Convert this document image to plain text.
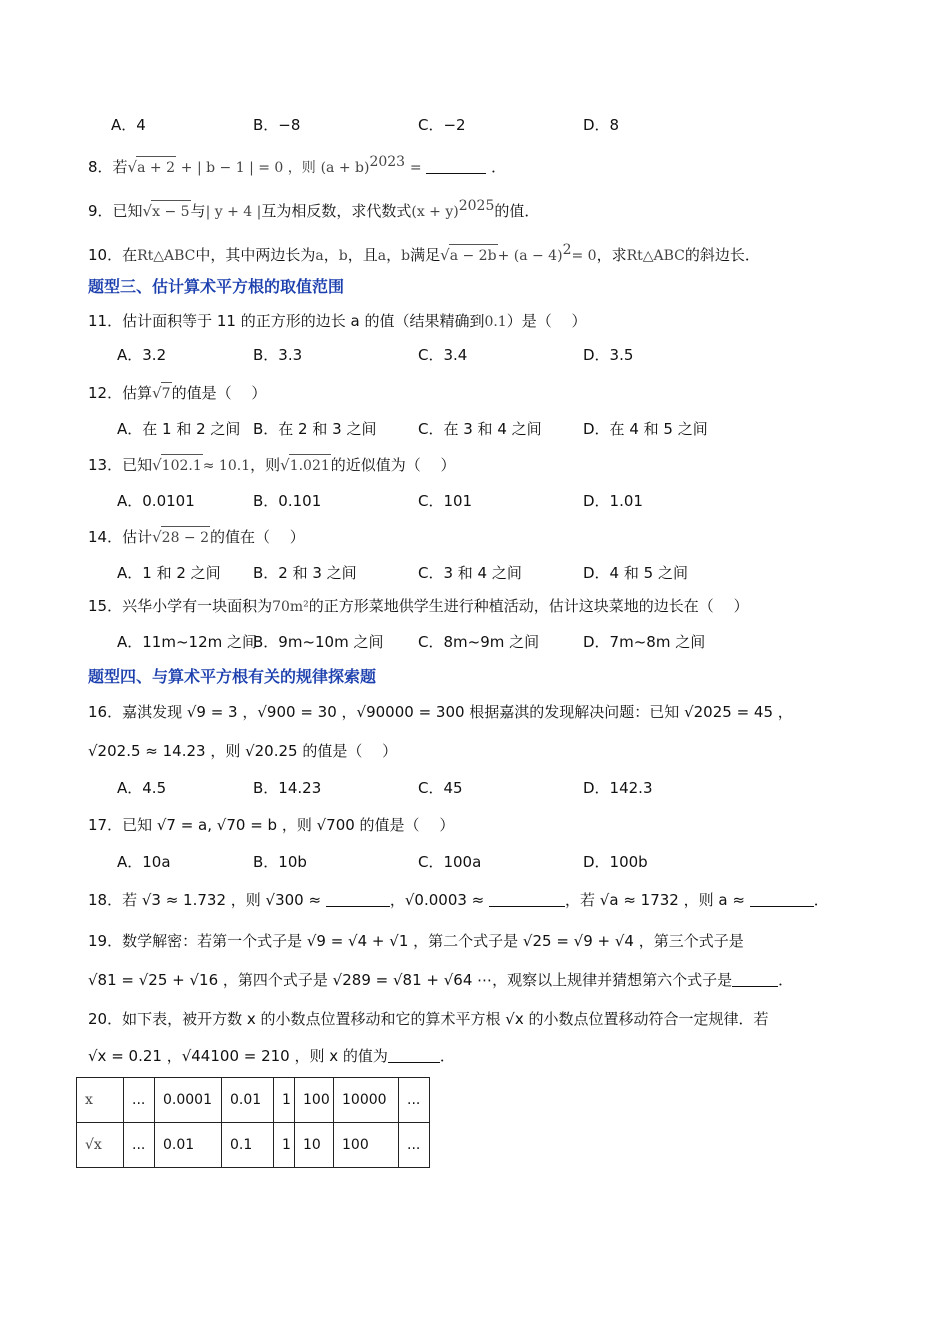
A．4	B．−8	C．−2	D．8
8．若√a + 2 + | b − 1 | = 0 ，则 $(a + b)^{2023}$ =	．
9．已知√x − 5与| y + 4 |互为相反数，求代数式$(x + y)^{2025}$的值．
10．在Rt△ABC中，其中两边长为a，b，且a，b满足$√a - 2b+ (a - 4)^2= 0$，求Rt△ABC的斜边长．
题型三、估计算术平方根的取值范围
11．估计面积等于 11 的正方形的边长 a 的值（结果精确到0.1）是（　 ）
A．3.2	B．3.3	C．3.4	D．3.5
12．估算√7的值是（　 ）
A．在 1 和 2 之间 B．在 2 和 3 之间	C．在 3 和 4 之间	D．在 4 和 5 之间
13．已知√102.1≈ 10.1，则√1.021的近似值为（　 ）
A．0.0101	B．0.101	C．101	D．1.01
14．估计√28 − 2的值在（　 ）
A．1 和 2 之间 B．2 和 3 之间	C．3 和 4 之间	D．4 和 5 之间
15．兴华小学有一块面积为70m²的正方形菜地供学生进行种植活动，估计这块菜地的边长在（　 ）
A．11m~12m 之间
B．9m~10m 之间 C．8m~9m 之间	D．7m~8m 之间
题型四、与算术平方根有关的规律探索题
16．嘉淇发现 √9 = 3 ，√900 = 30 ，√90000 = 300 根据嘉淇的发现解决问题：已知 √2025 = 45 ，
√202.5 ≈ 14.23 ，则 √20.25 的值是（　 ）
A．4.5	B．14.23	C．45	D．142.3
17．已知 √7 = a, √70 = b ，则 √700 的值是（　 ）
A．10a	B．10b	C．100a	D．100b
18．若 √3 ≈ 1.732 ，则 √300 ≈	，√0.0003 ≈	，若 √a ≈ 1732 ，则 a ≈	．
19．数学解密：若第一个式子是 √9 = √4 + √1 ，第二个式子是 √25 = √9 + √4 ，第三个式子是
√81 = √25 + √16 ，第四个式子是 √289 = √81 + √64 ⋯，观察以上规律并猜想第六个式子是	．
20．如下表，被开方数 x 的小数点位置移动和它的算术平方根 √x 的小数点位置移动符合一定规律．若
√x = 0.21 ，√44100 = 210 ，则 x 的值为	．
x	...	0.0001	0.01	1	100	10000	...
√x	...	0.01	0.1	1	10	100	...
